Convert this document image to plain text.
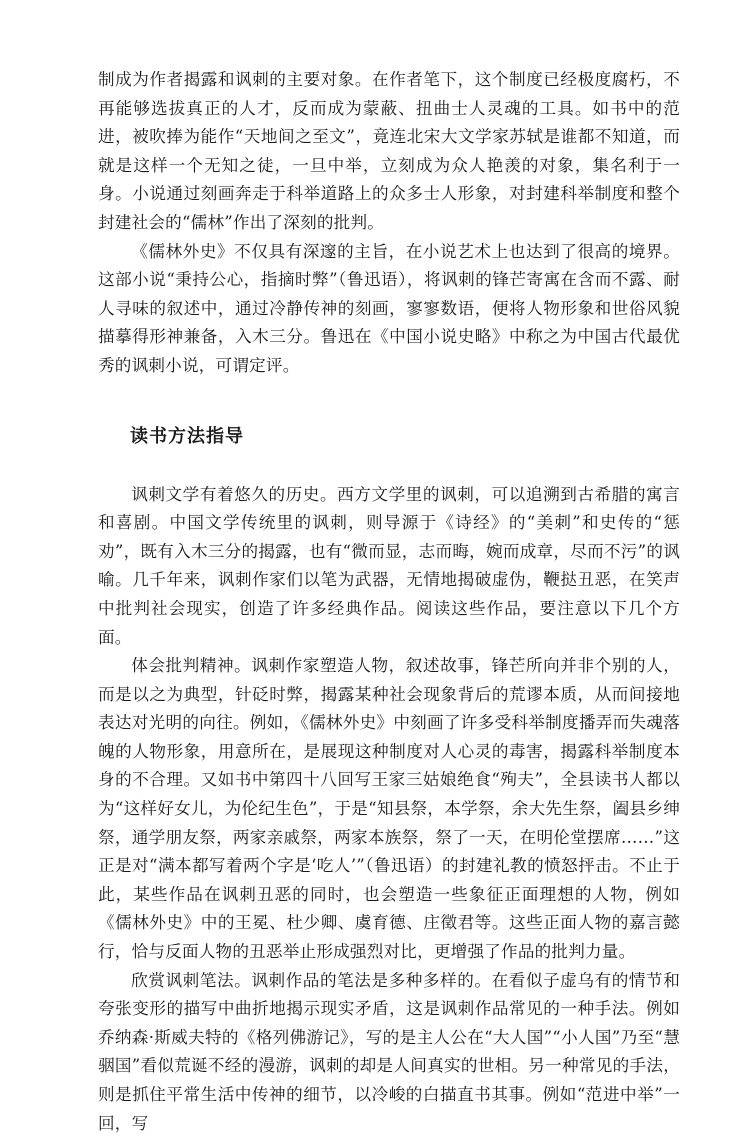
制成为作者揭露和讽刺的主要对象。在作者笔下，这个制度已经极度腐朽，不再能够选拔真正的人才，反而成为蒙蔽、扭曲士人灵魂的工具。如书中的范进，被吹捧为能作“天地间之至文”，竟连北宋大文学家苏轼是谁都不知道，而就是这样一个无知之徒，一旦中举，立刻成为众人艳羡的对象，集名利于一身。小说通过刻画奔走于科举道路上的众多士人形象，对封建科举制度和整个封建社会的“儒林”作出了深刻的批判。

《儒林外史》不仅具有深邃的主旨，在小说艺术上也达到了很高的境界。这部小说“秉持公心，指摘时弊”（鲁迅语），将讽刺的锋芒寄寓在含而不露、耐人寻味的叙述中，通过冷静传神的刻画，寥寥数语，便将人物形象和世俗风貌描摹得形神兼备，入木三分。鲁迅在《中国小说史略》中称之为中国古代最优秀的讽刺小说，可谓定评。

读书方法指导

讽刺文学有着悠久的历史。西方文学里的讽刺，可以追溯到古希腊的寓言和喜剧。中国文学传统里的讽刺，则导源于《诗经》的“美刺”和史传的“惩劝”，既有入木三分的揭露，也有“微而显，志而晦，婉而成章，尽而不污”的讽喻。几千年来，讽刺作家们以笔为武器，无情地揭破虚伪，鞭挞丑恶，在笑声中批判社会现实，创造了许多经典作品。阅读这些作品，要注意以下几个方面。

体会批判精神。讽刺作家塑造人物，叙述故事，锋芒所向并非个别的人，而是以之为典型，针砭时弊，揭露某种社会现象背后的荒谬本质，从而间接地表达对光明的向往。例如，《儒林外史》中刻画了许多受科举制度播弄而失魂落魄的人物形象，用意所在，是展现这种制度对人心灵的毒害，揭露科举制度本身的不合理。又如书中第四十八回写王家三姑娘绝食“殉夫”，全县读书人都以为“这样好女儿，为伦纪生色”，于是“知县祭，本学祭，余大先生祭，阖县乡绅祭，通学朋友祭，两家亲戚祭，两家本族祭，祭了一天，在明伦堂摆席……”这正是对“满本都写着两个字是‘吃人’”（鲁迅语）的封建礼教的愤怒抨击。不止于此，某些作品在讽刺丑恶的同时，也会塑造一些象征正面理想的人物，例如《儒林外史》中的王冕、杜少卿、虞育德、庄徵君等。这些正面人物的嘉言懿行，恰与反面人物的丑恶举止形成强烈对比，更增强了作品的批判力量。

欣赏讽刺笔法。讽刺作品的笔法是多种多样的。在看似子虚乌有的情节和夸张变形的描写中曲折地揭示现实矛盾，这是讽刺作品常见的一种手法。例如乔纳森·斯威夫特的《格列佛游记》，写的是主人公在“大人国”“小人国”乃至“慧骃国”看似荒诞不经的漫游，讽刺的却是人间真实的世相。另一种常见的手法，则是抓住平常生活中传神的细节，以冷峻的白描直书其事。例如“范进中举”一回，写
